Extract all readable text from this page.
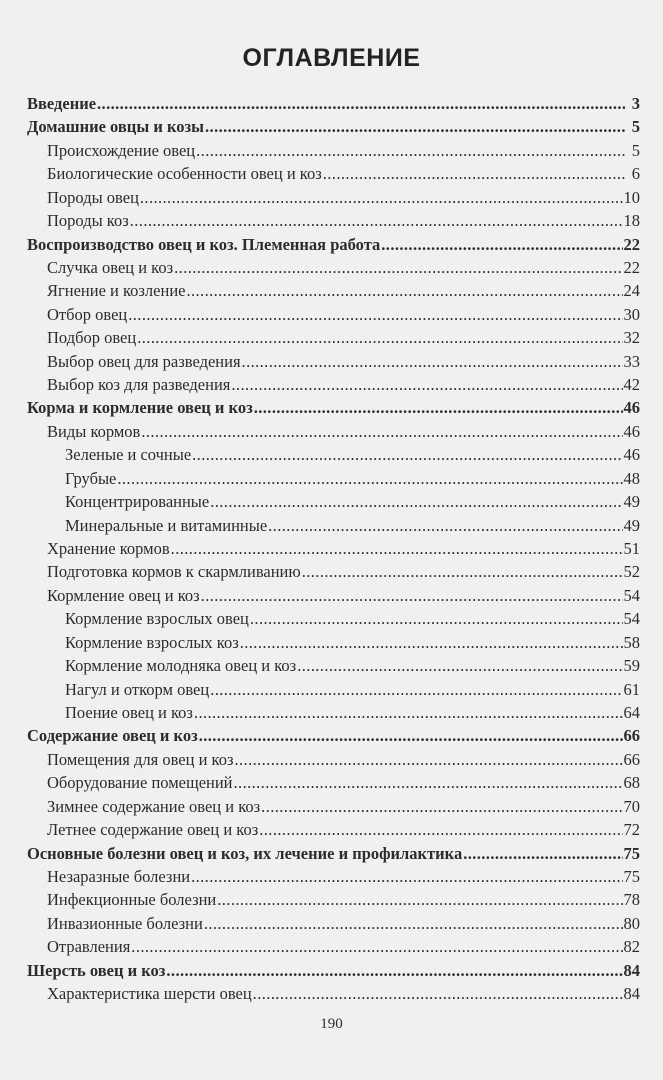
ОГЛАВЛЕНИЕ
Введение .....	3
Домашние овцы и козы .....	5
Происхождение овец .....	5
Биологические особенности овец и коз .....	6
Породы овец .....	10
Породы коз .....	18
Воспроизводство овец и коз. Племенная работа .....	22
Случка овец и коз .....	22
Ягнение и козление .....	24
Отбор овец .....	30
Подбор овец .....	32
Выбор овец для разведения .....	33
Выбор коз для разведения .....	42
Корма и кормление овец и коз .....	46
Виды кормов .....	46
Зеленые и сочные .....	46
Грубые .....	48
Концентрированные .....	49
Минеральные и витаминные .....	49
Хранение кормов .....	51
Подготовка кормов к скармливанию .....	52
Кормление овец и коз .....	54
Кормление взрослых овец .....	54
Кормление взрослых коз .....	58
Кормление молодняка овец и коз .....	59
Нагул и откорм овец .....	61
Поение овец и коз .....	64
Содержание овец и коз .....	66
Помещения для овец и коз .....	66
Оборудование помещений .....	68
Зимнее содержание овец и коз .....	70
Летнее содержание овец и коз .....	72
Основные болезни овец и коз, их лечение и профилактика .....	75
Незаразные болезни .....	75
Инфекционные болезни .....	78
Инвазионные болезни .....	80
Отравления .....	82
Шерсть овец и коз .....	84
Характеристика шерсти овец .....	84
190
